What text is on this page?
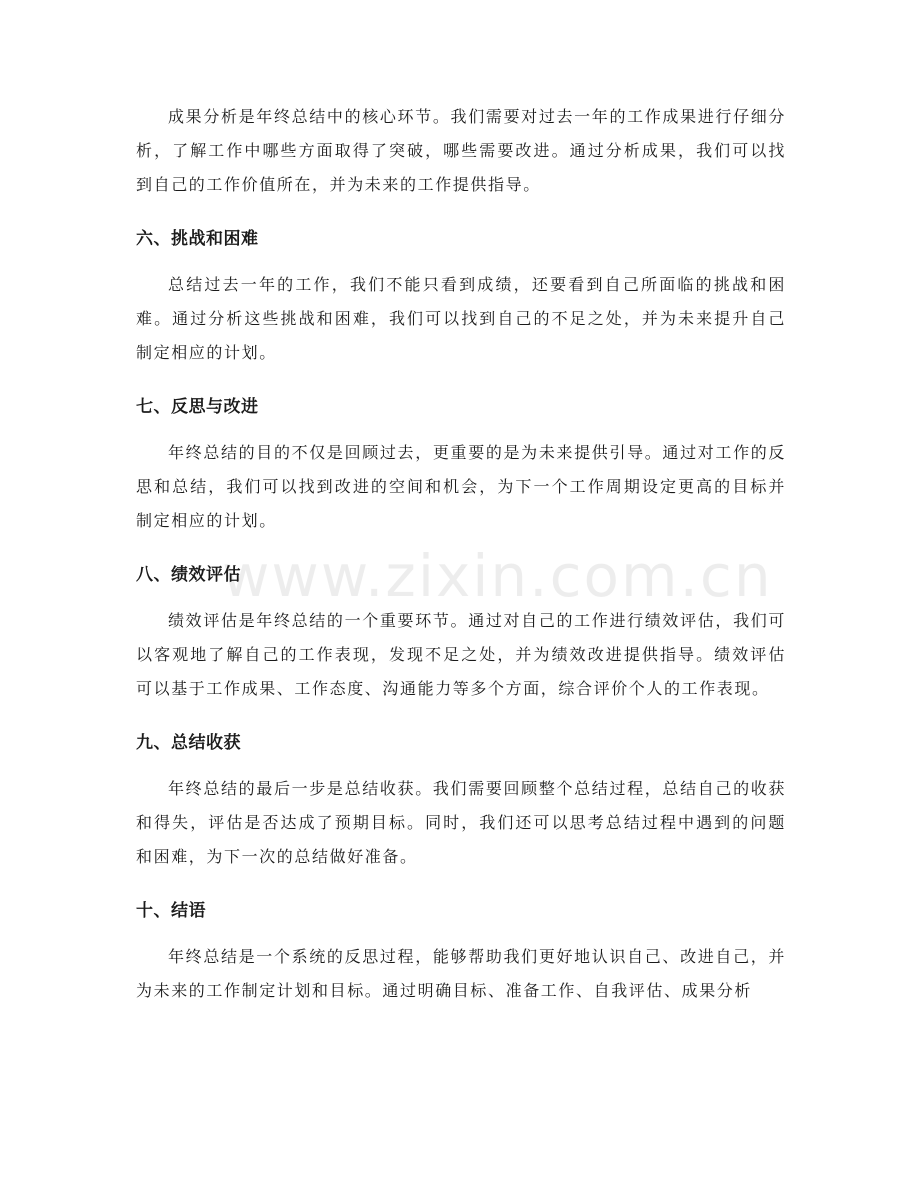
成果分析是年终总结中的核心环节。我们需要对过去一年的工作成果进行仔细分析，了解工作中哪些方面取得了突破，哪些需要改进。通过分析成果，我们可以找到自己的工作价值所在，并为未来的工作提供指导。

六、挑战和困难

总结过去一年的工作，我们不能只看到成绩，还要看到自己所面临的挑战和困难。通过分析这些挑战和困难，我们可以找到自己的不足之处，并为未来提升自己制定相应的计划。

七、反思与改进

年终总结的目的不仅是回顾过去，更重要的是为未来提供引导。通过对工作的反思和总结，我们可以找到改进的空间和机会，为下一个工作周期设定更高的目标并制定相应的计划。

八、绩效评估

绩效评估是年终总结的一个重要环节。通过对自己的工作进行绩效评估，我们可以客观地了解自己的工作表现，发现不足之处，并为绩效改进提供指导。绩效评估可以基于工作成果、工作态度、沟通能力等多个方面，综合评价个人的工作表现。

九、总结收获

年终总结的最后一步是总结收获。我们需要回顾整个总结过程，总结自己的收获和得失，评估是否达成了预期目标。同时，我们还可以思考总结过程中遇到的问题和困难，为下一次的总结做好准备。

十、结语

年终总结是一个系统的反思过程，能够帮助我们更好地认识自己、改进自己，并为未来的工作制定计划和目标。通过明确目标、准备工作、自我评估、成果分析

www.zixin.com.cn
